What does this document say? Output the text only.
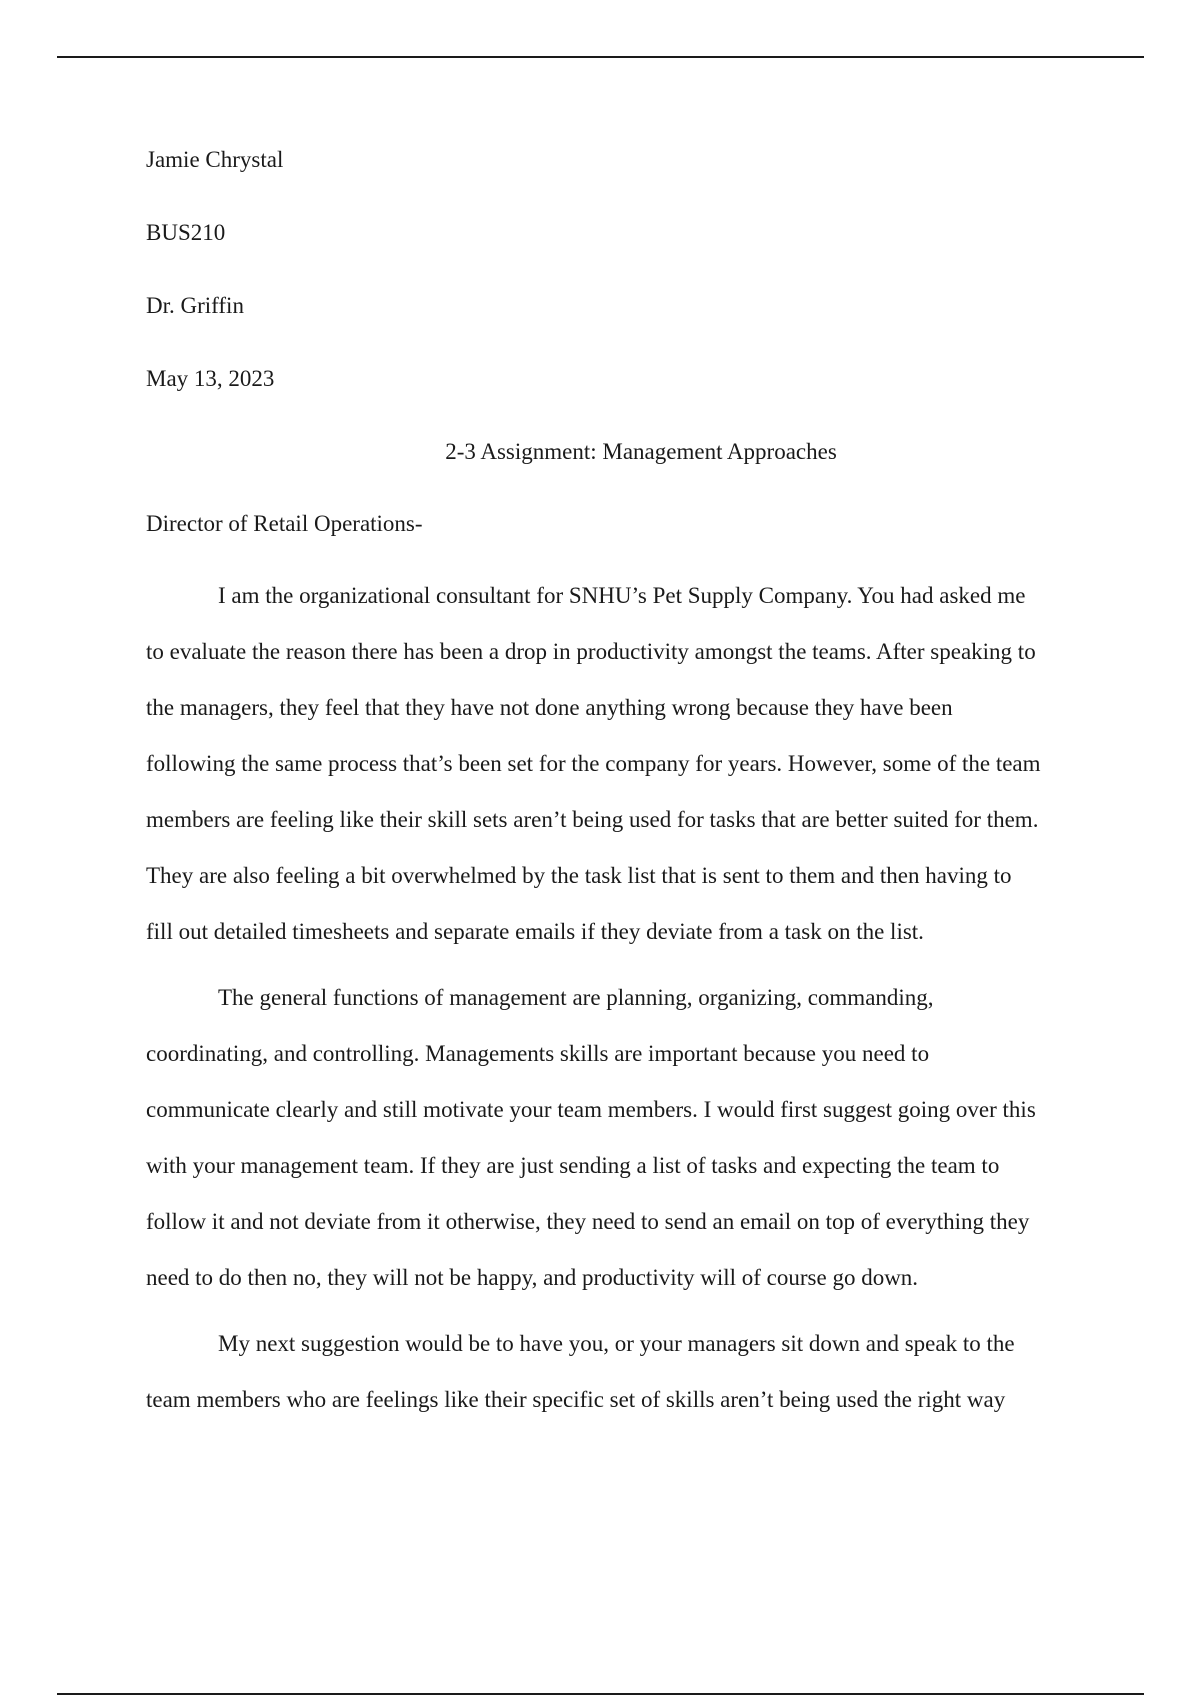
Jamie Chrystal

BUS210

Dr. Griffin

May 13, 2023

2-3 Assignment: Management Approaches

Director of Retail Operations-

I am the organizational consultant for SNHU’s Pet Supply Company. You had asked me
to evaluate the reason there has been a drop in productivity amongst the teams. After speaking to
the managers, they feel that they have not done anything wrong because they have been
following the same process that’s been set for the company for years. However, some of the team
members are feeling like their skill sets aren’t being used for tasks that are better suited for them.
They are also feeling a bit overwhelmed by the task list that is sent to them and then having to
fill out detailed timesheets and separate emails if they deviate from a task on the list.
The general functions of management are planning, organizing, commanding,
coordinating, and controlling. Managements skills are important because you need to
communicate clearly and still motivate your team members. I would first suggest going over this
with your management team. If they are just sending a list of tasks and expecting the team to
follow it and not deviate from it otherwise, they need to send an email on top of everything they
need to do then no, they will not be happy, and productivity will of course go down.
My next suggestion would be to have you, or your managers sit down and speak to the
team members who are feelings like their specific set of skills aren’t being used the right way
